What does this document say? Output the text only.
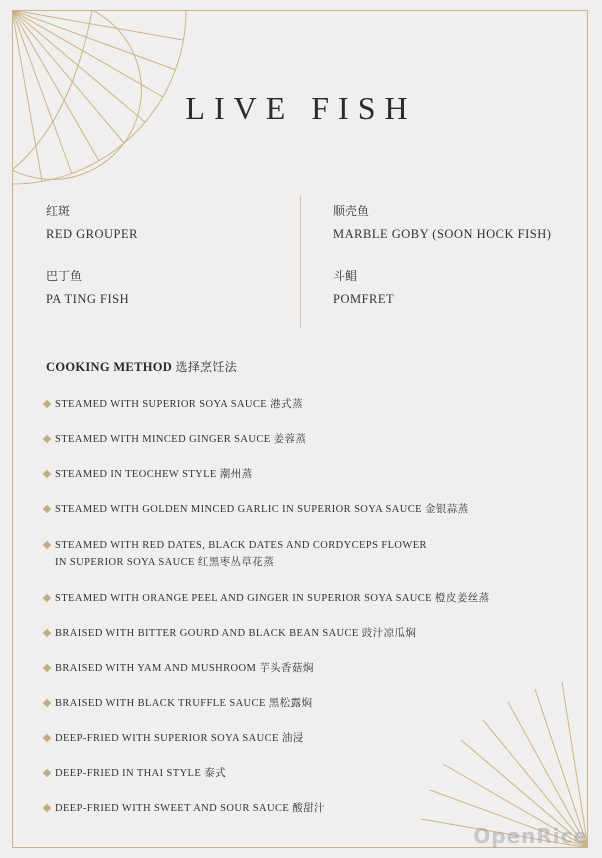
LIVE FISH
红斑
RED GROUPER
顺壳鱼
MARBLE GOBY (SOON HOCK FISH)
巴丁鱼
PA TING FISH
斗鲳
POMFRET
COOKING METHOD 选择烹饪法
STEAMED WITH SUPERIOR SOYA SAUCE 港式蒸
STEAMED WITH MINCED GINGER SAUCE 姜蓉蒸
STEAMED IN TEOCHEW STYLE 潮州蒸
STEAMED WITH GOLDEN MINCED GARLIC IN SUPERIOR SOYA SAUCE 金银蒜蒸
STEAMED WITH RED DATES, BLACK DATES AND CORDYCEPS FLOWER
IN SUPERIOR SOYA SAUCE 红黑枣丛草花蒸
STEAMED WITH ORANGE PEEL AND GINGER IN SUPERIOR SOYA SAUCE 橙皮姜丝蒸
BRAISED WITH BITTER GOURD AND BLACK BEAN SAUCE 豉汁凉瓜焖
BRAISED WITH YAM AND MUSHROOM 芋头香菇焖
BRAISED WITH BLACK TRUFFLE SAUCE 黑松露焖
DEEP-FRIED WITH SUPERIOR SOYA SAUCE 油浸
DEEP-FRIED IN THAI STYLE 泰式
DEEP-FRIED WITH SWEET AND SOUR SAUCE 酸甜汁
OpenRice
